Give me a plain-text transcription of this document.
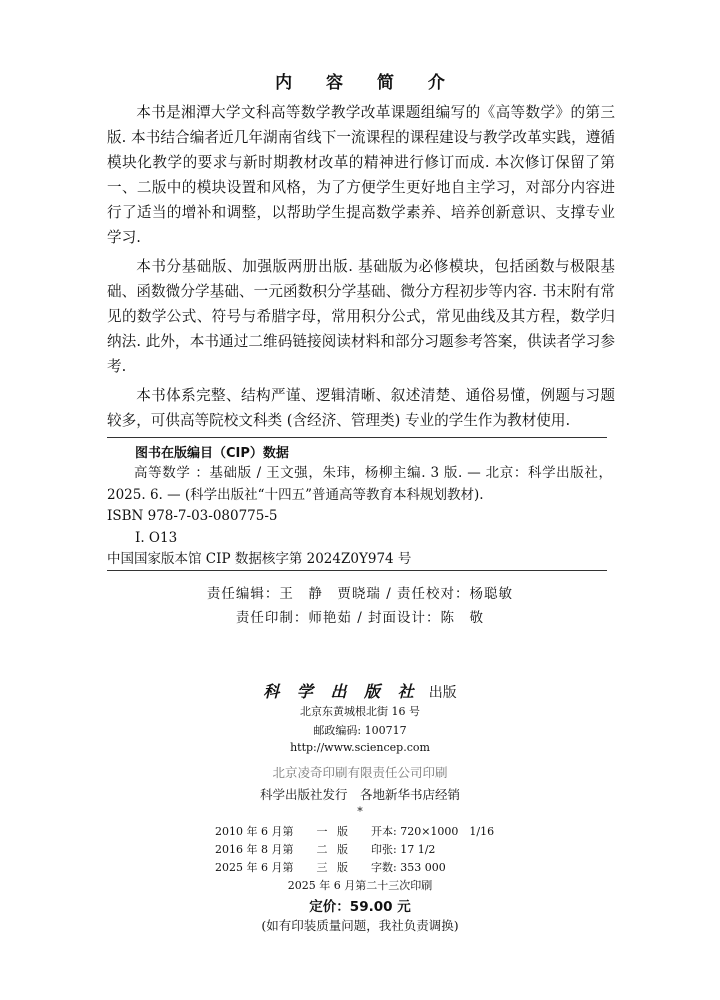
内 容 简 介

本书是湘潭大学文科高等数学教学改革课题组编写的《高等数学》的第三版. 本书结合编者近几年湖南省线下一流课程的课程建设与教学改革实践，遵循模块化教学的要求与新时期教材改革的精神进行修订而成. 本次修订保留了第一、二版中的模块设置和风格，为了方便学生更好地自主学习，对部分内容进行了适当的增补和调整，以帮助学生提高数学素养、培养创新意识、支撑专业学习.

本书分基础版、加强版两册出版. 基础版为必修模块，包括函数与极限基础、函数微分学基础、一元函数积分学基础、微分方程初步等内容. 书末附有常见的数学公式、符号与希腊字母，常用积分公式，常见曲线及其方程，数学归纳法. 此外，本书通过二维码链接阅读材料和部分习题参考答案，供读者学习参考.

本书体系完整、结构严谨、逻辑清晰、叙述清楚、通俗易懂，例题与习题较多，可供高等院校文科类 (含经济、管理类) 专业的学生作为教材使用.

图书在版编目（CIP）数据
高等数学 ：基础版 / 王文强，朱玮，杨柳主编. 3 版. — 北京：科学出版社，2025. 6. — (科学出版社“十四五”普通高等教育本科规划教材).
ISBN 978-7-03-080775-5
Ⅰ. O13
中国国家版本馆 CIP 数据核字第 2024Z0Y974 号
责任编辑：王　静　贾晓瑞 / 责任校对：杨聪敏
责任印制：师艳茹 / 封面设计：陈　敬
科 学 出 版 社 出版
北京东黄城根北街 16 号
邮政编码: 100717
http://www.sciencep.com
北京凌奇印刷有限责任公司印刷
科学出版社发行　各地新华书店经销
*
2010 年 6 月第 一 版 开本: 720×1000　1/16
2016 年 8 月第 二 版 印张: 17 1/2
2025 年 6 月第 三 版 字数: 353 000
2025 年 6 月第二十三次印刷
定价：59.00 元
(如有印装质量问题，我社负责调换)
